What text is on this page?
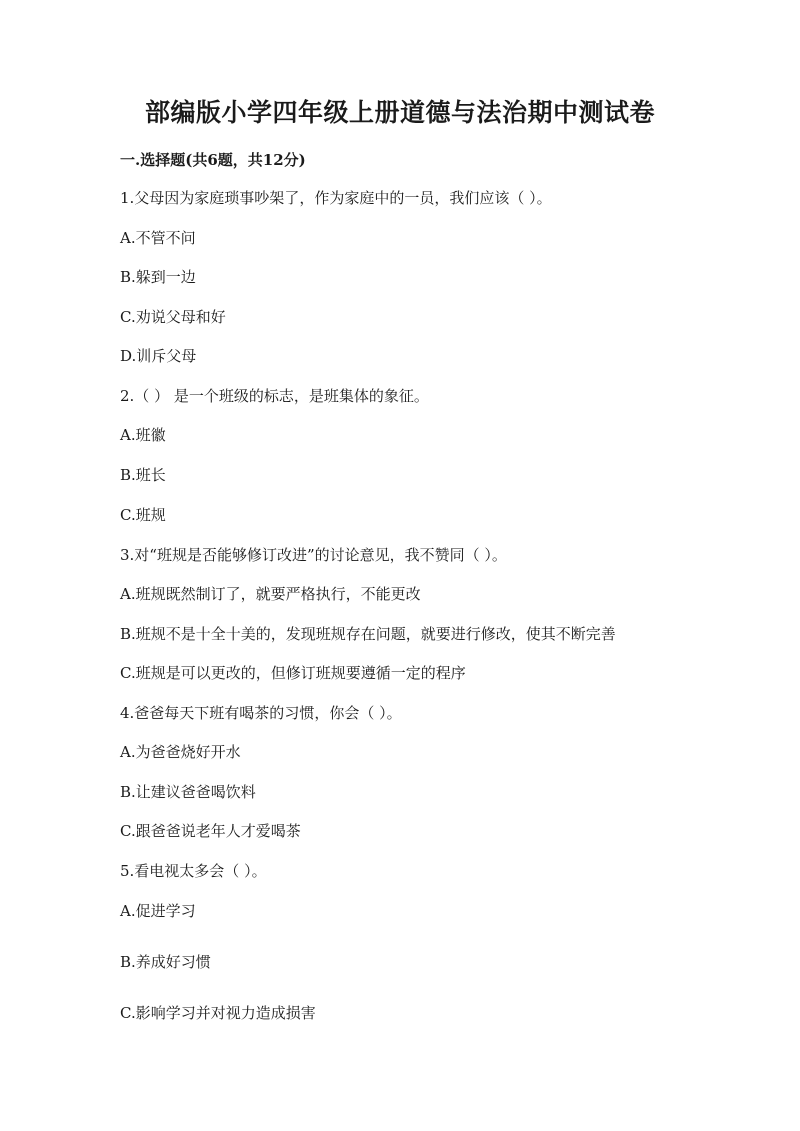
部编版小学四年级上册道德与法治期中测试卷
一.选择题(共6题，共12分)
1.父母因为家庭琐事吵架了，作为家庭中的一员，我们应该（ ）。
A.不管不问
B.躲到一边
C.劝说父母和好
D.训斥父母
2.（ ） 是一个班级的标志，是班集体的象征。
A.班徽
B.班长
C.班规
3.对“班规是否能够修订改进”的讨论意见，我不赞同（ ）。
A.班规既然制订了，就要严格执行，不能更改
B.班规不是十全十美的，发现班规存在问题，就要进行修改，使其不断完善
C.班规是可以更改的，但修订班规要遵循一定的程序
4.爸爸每天下班有喝茶的习惯，你会（ ）。
A.为爸爸烧好开水
B.让建议爸爸喝饮料
C.跟爸爸说老年人才爱喝茶
5.看电视太多会（ ）。
A.促进学习
B.养成好习惯
C.影响学习并对视力造成损害
